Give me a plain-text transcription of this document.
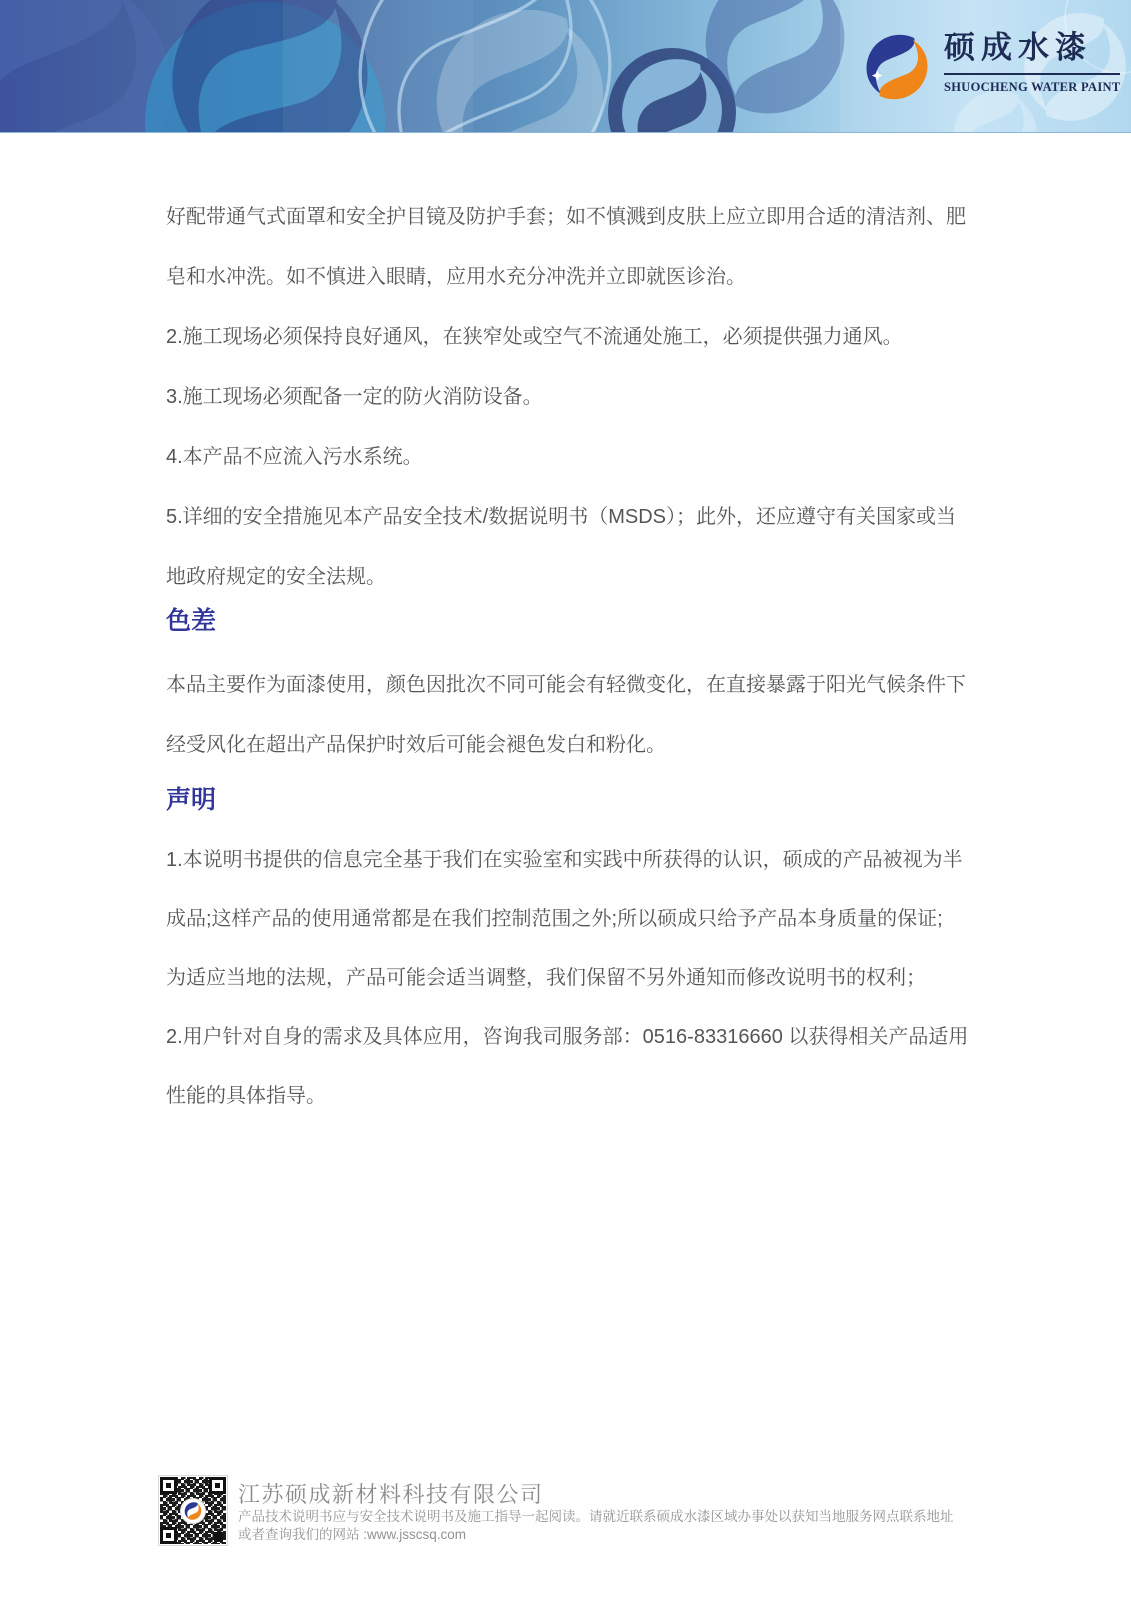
硕成水漆
SHUOCHENG WATER PAINT
好配带通气式面罩和安全护目镜及防护手套；如不慎溅到皮肤上应立即用合适的清洁剂、肥
皂和水冲洗。如不慎进入眼睛，应用水充分冲洗并立即就医诊治。
2.施工现场必须保持良好通风，在狭窄处或空气不流通处施工，必须提供强力通风。
3.施工现场必须配备一定的防火消防设备。
4.本产品不应流入污水系统。
5.详细的安全措施见本产品安全技术/数据说明书（MSDS）；此外，还应遵守有关国家或当
地政府规定的安全法规。
色差
本品主要作为面漆使用，颜色因批次不同可能会有轻微变化，在直接暴露于阳光气候条件下
经受风化在超出产品保护时效后可能会褪色发白和粉化。
声明
1.本说明书提供的信息完全基于我们在实验室和实践中所获得的认识，硕成的产品被视为半
成品;这样产品的使用通常都是在我们控制范围之外;所以硕成只给予产品本身质量的保证;
为适应当地的法规，产品可能会适当调整，我们保留不另外通知而修改说明书的权利；
2.用户针对自身的需求及具体应用，咨询我司服务部：0516-83316660 以获得相关产品适用
性能的具体指导。
江苏硕成新材料科技有限公司
产品技术说明书应与安全技术说明书及施工指导一起阅读。请就近联系硕成水漆区域办事处以获知当地服务网点联系地址
或者查询我们的网站 :www.jsscsq.com
